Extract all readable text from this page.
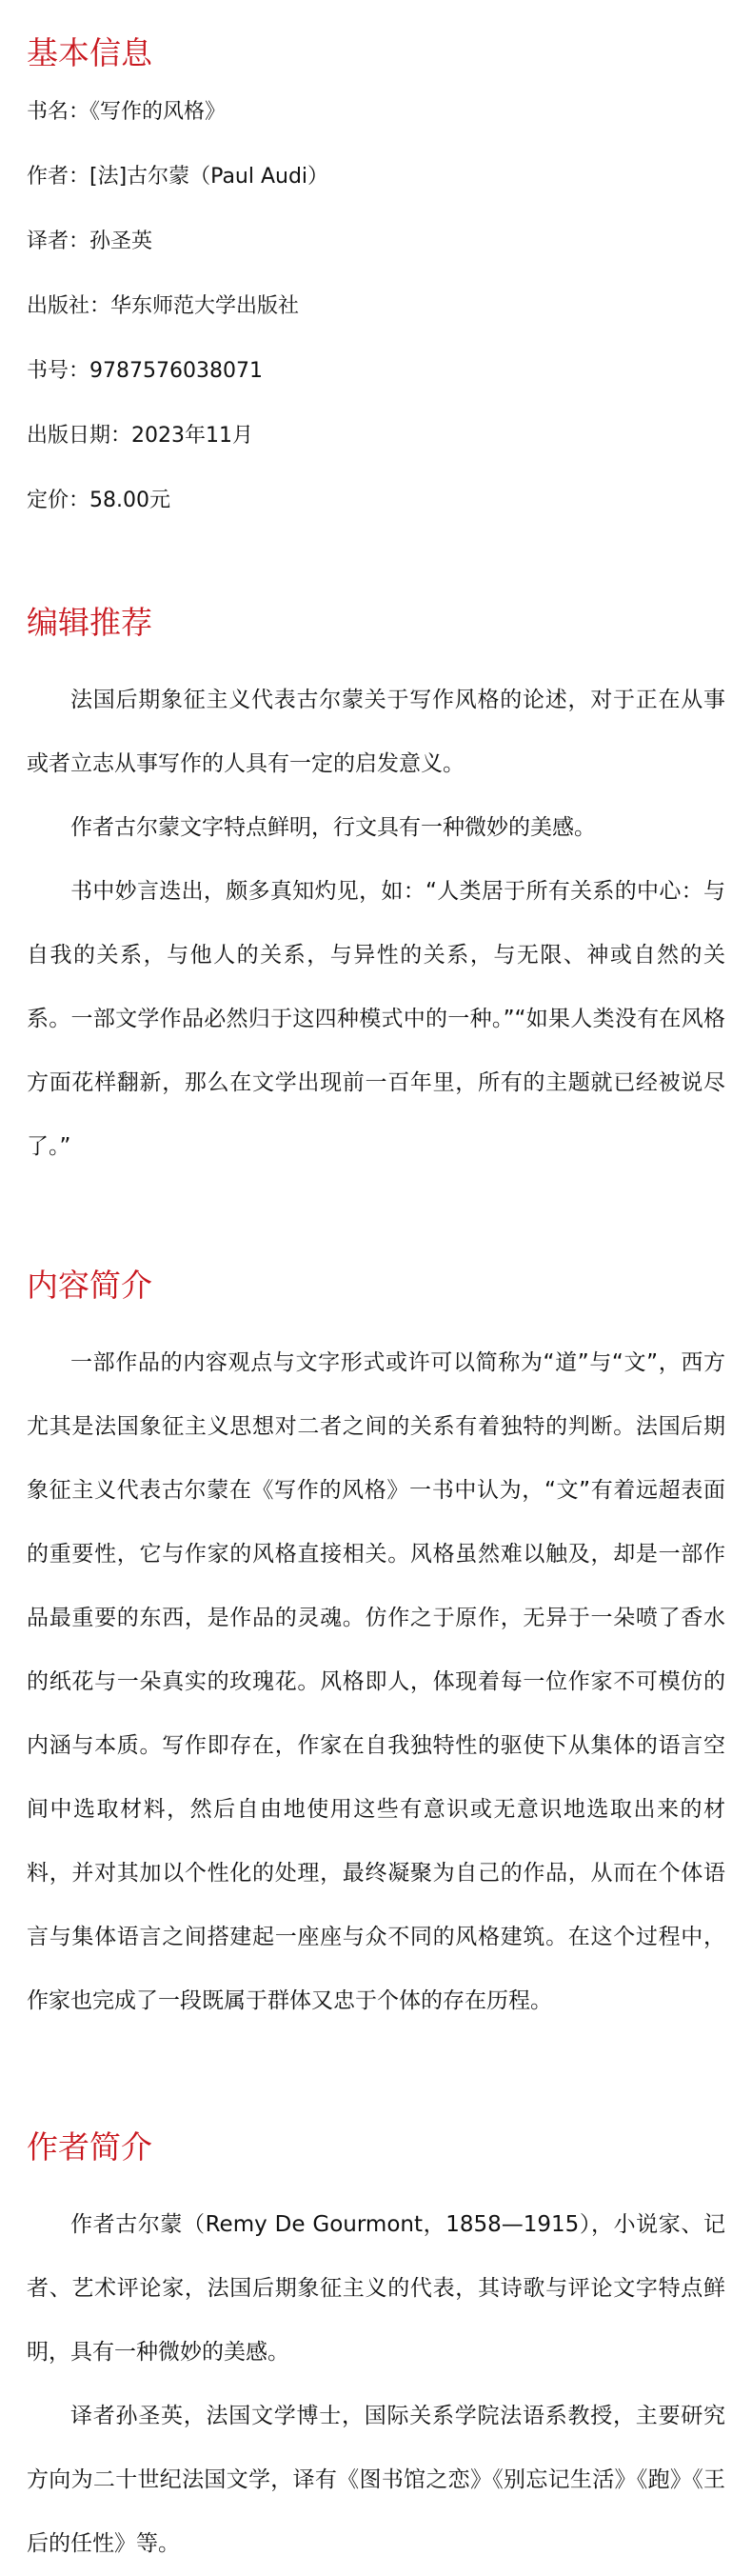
基本信息
书名：《写作的风格》
作者：[法]古尔蒙（Paul Audi）
译者：孙圣英
出版社：华东师范大学出版社
书号：9787576038071
出版日期：2023年11月
定价：58.00元
编辑推荐

法国后期象征主义代表古尔蒙关于写作风格的论述，对于正在从事或者立志从事写作的人具有一定的启发意义。

作者古尔蒙文字特点鲜明，行文具有一种微妙的美感。

书中妙言迭出，颇多真知灼见，如：“人类居于所有关系的中心：与自我的关系，与他人的关系，与异性的关系，与无限、神或自然的关系。一部文学作品必然归于这四种模式中的一种。”“如果人类没有在风格方面花样翻新，那么在文学出现前一百年里，所有的主题就已经被说尽了。”

内容简介

一部作品的内容观点与文字形式或许可以简称为“道”与“文”，西方尤其是法国象征主义思想对二者之间的关系有着独特的判断。法国后期象征主义代表古尔蒙在《写作的风格》一书中认为，“文”有着远超表面的重要性，它与作家的风格直接相关。风格虽然难以触及，却是一部作品最重要的东西，是作品的灵魂。仿作之于原作，无异于一朵喷了香水的纸花与一朵真实的玫瑰花。风格即人，体现着每一位作家不可模仿的内涵与本质。写作即存在，作家在自我独特性的驱使下从集体的语言空间中选取材料，然后自由地使用这些有意识或无意识地选取出来的材料，并对其加以个性化的处理，最终凝聚为自己的作品，从而在个体语言与集体语言之间搭建起一座座与众不同的风格建筑。在这个过程中，作家也完成了一段既属于群体又忠于个体的存在历程。

作者简介

作者古尔蒙（Remy De Gourmont，1858—1915），小说家、记者、艺术评论家，法国后期象征主义的代表，其诗歌与评论文字特点鲜明，具有一种微妙的美感。

译者孙圣英，法国文学博士，国际关系学院法语系教授，主要研究方向为二十世纪法国文学，译有《图书馆之恋》《别忘记生活》《跑》《王后的任性》等。
